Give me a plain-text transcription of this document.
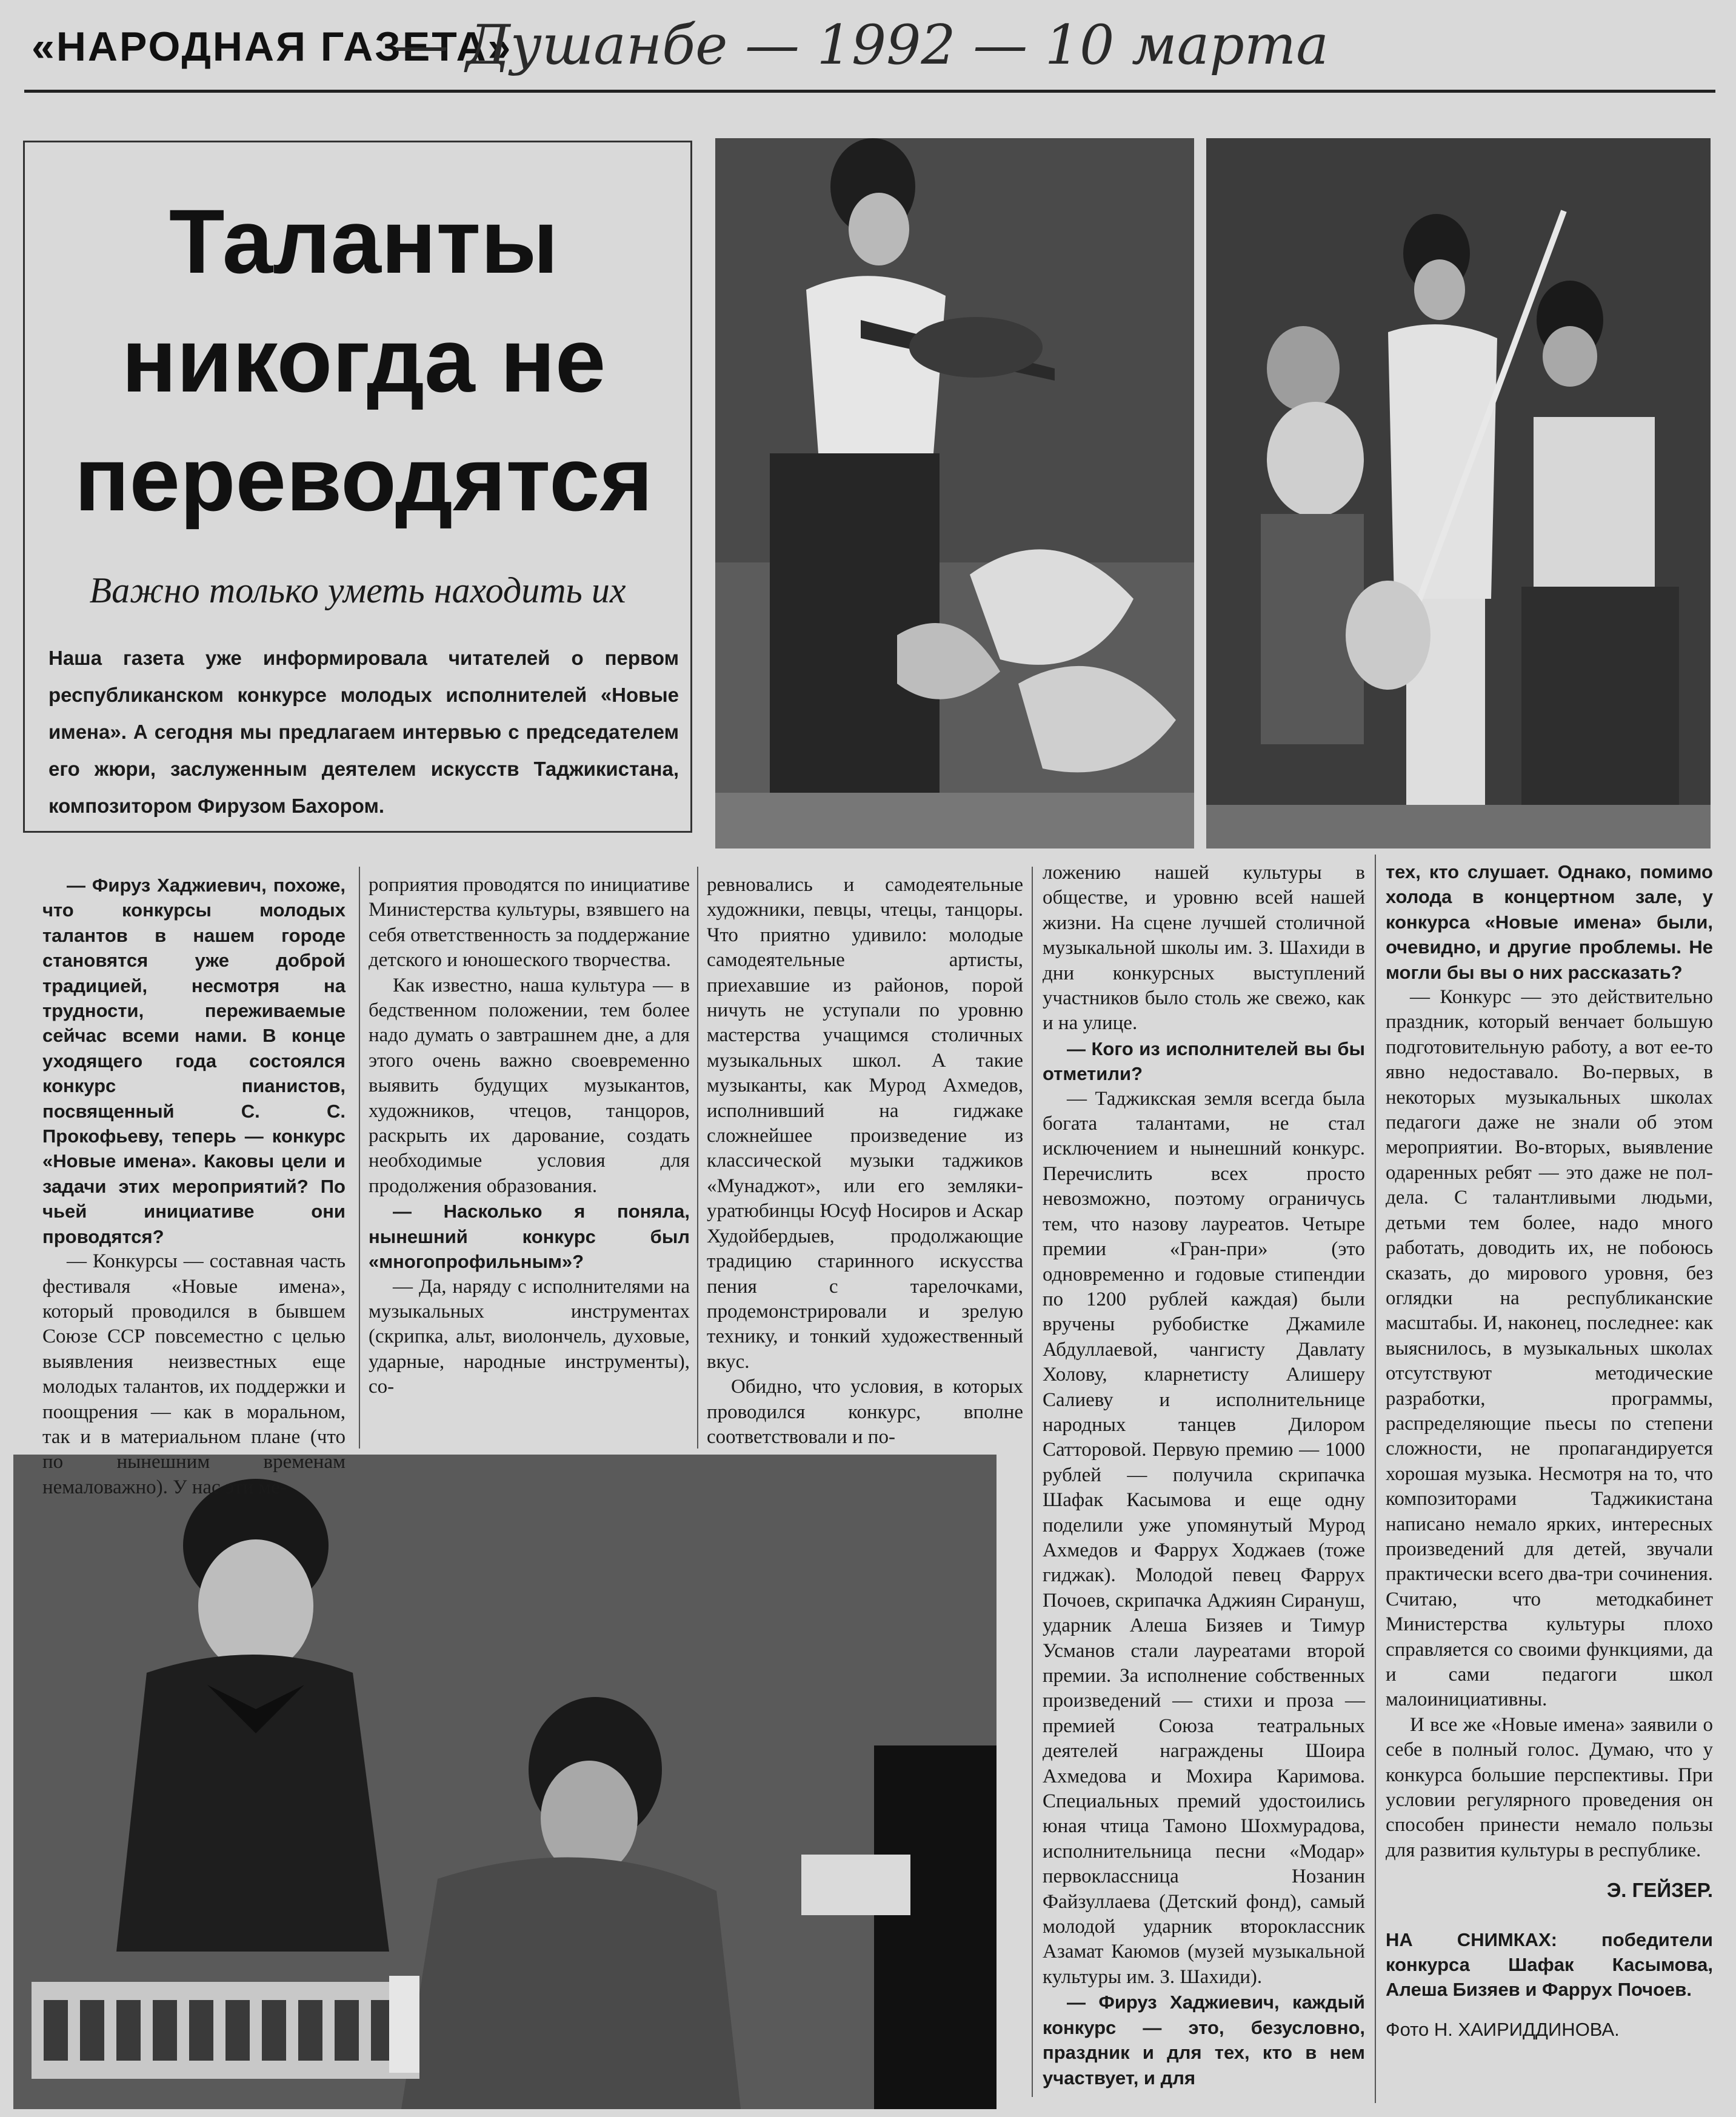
«НАРОДНАЯ ГАЗЕТА»
— Душанбе — 1992 — 10 марта
Таланты никогда не переводятся
Важно только уметь находить их
Наша газета уже информировала читателей о первом республиканском конкурсе молодых исполнителей «Новые имена». А сегодня мы предлагаем интервью с председателем его жюри, заслуженным деятелем искусств Таджикистана, композитором Фирузом Бахором.

— Фируз Хаджиевич, похоже, что конкурсы молодых талантов в нашем городе становятся уже доброй традицией, несмотря на трудности, переживаемые сейчас всеми нами. В конце уходящего года состоялся конкурс пианистов, посвященный С. С. Прокофьеву, теперь — конкурс «Новые имена». Каковы цели и задачи этих мероприятий? По чьей инициативе они проводятся?

— Конкурсы — составная часть фестиваля «Новые имена», который проводился в бывшем Союзе ССР повсеместно с целью выявления неизвестных еще молодых талантов, их поддержки и поощрения — как в моральном, так и в материальном плане (что по нынешним временам немаловажно). У нас эти ме-

роприятия проводятся по инициативе Министерства культуры, взявшего на себя ответственность за поддержание детского и юношеского творчества.

Как известно, наша культура — в бедственном положении, тем более надо думать о завтрашнем дне, а для этого очень важно своевременно выявить будущих музыкантов, художников, чтецов, танцоров, раскрыть их дарование, создать необходимые условия для продолжения образования.

— Насколько я поняла, нынешний конкурс был «многопрофильным»?

— Да, наряду с исполнителями на музыкальных инструментах (скрипка, альт, виолончель, духовые, ударные, народные инструменты), со-

ревновались и самодеятельные художники, певцы, чтецы, танцоры. Что приятно удивило: молодые самодеятельные артисты, приехавшие из районов, порой ничуть не уступали по уровню мастерства учащимся столичных музыкальных школ. А такие музыканты, как Мурод Ахмедов, исполнивший на гиджаке сложнейшее произведение из классической музыки таджиков «Мунаджот», или его земляки-уратюбинцы Юсуф Носиров и Аскар Худойбердыев, продолжающие традицию старинного искусства пения с тарелочками, продемонстрировали и зрелую технику, и тонкий художественный вкус.

Обидно, что условия, в которых проводился конкурс, вполне соответствовали и по-

ложению нашей культуры в обществе, и уровню всей нашей жизни. На сцене лучшей столичной музыкальной школы им. З. Шахиди в дни конкурсных выступлений участников было столь же свежо, как и на улице.

— Кого из исполнителей вы бы отметили?

— Таджикская земля всегда была богата талантами, не стал исключением и нынешний конкурс. Перечислить всех просто невозможно, поэтому ограничусь тем, что назову лауреатов. Четыре премии «Гран-при» (это одновременно и годовые стипендии по 1200 рублей каждая) были вручены рубобистке Джамиле Абдуллаевой, чангисту Давлату Холову, кларнетисту Алишеру Салиеву и исполнительнице народных танцев Дилором Сатторовой. Первую премию — 1000 рублей — получила скрипачка Шафак Касымова и еще одну поделили уже упомянутый Мурод Ахмедов и Фаррух Ходжаев (тоже гиджак). Молодой певец Фаррух Почоев, скрипачка Аджиян Сирануш, ударник Алеша Бизяев и Тимур Усманов стали лауреатами второй премии. За исполнение собственных произведений — стихи и проза — премией Союза театральных деятелей награждены Шоира Ахмедова и Мохира Каримова. Специальных премий удостоились юная чтица Тамоно Шохмурадова, исполнительница песни «Модар» первоклассница Нозанин Файзуллаева (Детский фонд), самый молодой ударник второклассник Азамат Каюмов (музей музыкальной культуры им. З. Шахиди).

— Фируз Хаджиевич, каждый конкурс — это, безусловно, праздник и для тех, кто в нем участвует, и для

тех, кто слушает. Однако, помимо холода в концертном зале, у конкурса «Новые имена» были, очевидно, и другие проблемы. Не могли бы вы о них рассказать?

— Конкурс — это действительно праздник, который венчает большую подготовительную работу, а вот ее-то явно недоставало. Во-первых, в некоторых музыкальных школах педагоги даже не знали об этом мероприятии. Во-вторых, выявление одаренных ребят — это даже не пол-дела. С талантливыми людьми, детьми тем более, надо много работать, доводить их, не побоюсь сказать, до мирового уровня, без оглядки на республиканские масштабы. И, наконец, последнее: как выяснилось, в музыкальных школах отсутствуют методические разработки, программы, распределяющие пьесы по степени сложности, не пропагандируется хорошая музыка. Несмотря на то, что композиторами Таджикистана написано немало ярких, интересных произведений для детей, звучали практически всего два-три сочинения. Считаю, что методкабинет Министерства культуры плохо справляется со своими функциями, да и сами педагоги школ малоинициативны.

И все же «Новые имена» заявили о себе в полный голос. Думаю, что у конкурса большие перспективы. При условии регулярного проведения он способен принести немало пользы для развития культуры в республике.

Э. ГЕЙЗЕР.

НА СНИМКАХ: победители конкурса Шафак Касымова, Алеша Бизяев и Фаррух Почоев.

Фото Н. ХАИРИДДИНОВА.
